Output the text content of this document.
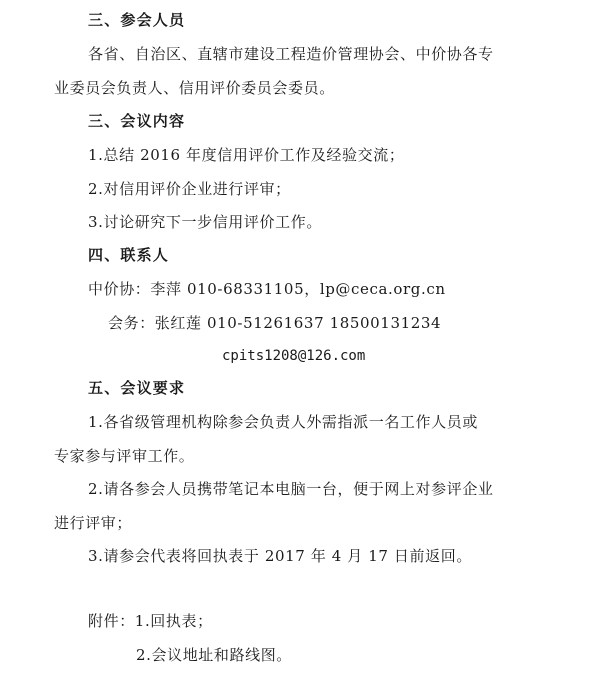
三、参会人员
各省、自治区、直辖市建设工程造价管理协会、中价协各专
业委员会负责人、信用评价委员会委员。
三、会议内容
1.总结 2016 年度信用评价工作及经验交流；
2.对信用评价企业进行评审；
3.讨论研究下一步信用评价工作。
四、联系人
中价协：李萍 010-68331105，lp@ceca.org.cn
会务：张红莲 010-51261637 18500131234
cpits1208@126.com
五、会议要求
1.各省级管理机构除参会负责人外需指派一名工作人员或
专家参与评审工作。
2.请各参会人员携带笔记本电脑一台，便于网上对参评企业
进行评审；
3.请参会代表将回执表于 2017 年 4 月 17 日前返回。
附件：1.回执表；
2.会议地址和路线图。
